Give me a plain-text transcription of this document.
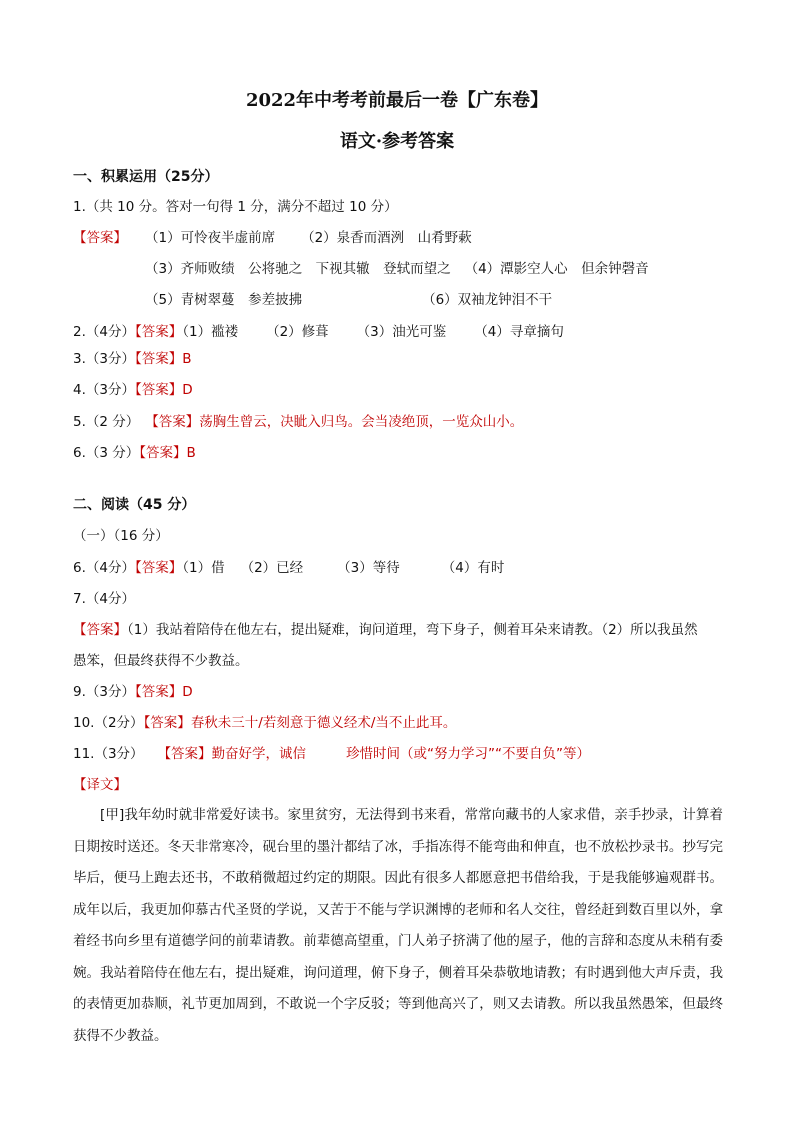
2022年中考考前最后一卷【广东卷】
语文·参考答案
一、积累运用（25分）
1.（共 10 分。答对一句得 1 分，满分不超过 10 分）
【答案】 （1）可怜夜半虚前席 （2）泉香而酒洌　山肴野蔌
（3）齐师败绩　公将驰之　下视其辙　登轼而望之 （4）潭影空人心　但余钟磬音
（5）青树翠蔓　参差披拂	（6）双袖龙钟泪不干
2.（4分）【答案】（1）褴褛 （2）修葺 （3）油光可鉴 （4）寻章摘句
3.（3分）【答案】B
4.（3分）【答案】D
5.（2 分） 【答案】荡胸生曾云，决眦入归鸟。会当凌绝顶，一览众山小。
6.（3 分）【答案】B
二、阅读（45 分）
（一）（16 分）
6.（4分）【答案】（1）借 （2）已经	（3）等待	（4）有时
7.（4分）
【答案】（1）我站着陪侍在他左右，提出疑难，询问道理，弯下身子，侧着耳朵来请教。（2）所以我虽然
愚笨，但最终获得不少教益。
9.（3分）【答案】D
10.（2分）【答案】春秋未三十/若刻意于德义经术/当不止此耳。
11.（3分） 【答案】勤奋好学，诚信	珍惜时间（或“努力学习”“不要自负”等）
【译文】
[甲]我年幼时就非常爱好读书。家里贫穷，无法得到书来看，常常向藏书的人家求借，亲手抄录，计算着日期按时送还。冬天非常寒冷，砚台里的墨汁都结了冰，手指冻得不能弯曲和伸直，也不放松抄录书。抄写完毕后，便马上跑去还书，不敢稍微超过约定的期限。因此有很多人都愿意把书借给我，于是我能够遍观群书。成年以后，我更加仰慕古代圣贤的学说，又苦于不能与学识渊博的老师和名人交往，曾经赶到数百里以外，拿着经书向乡里有道德学问的前辈请教。前辈德高望重，门人弟子挤满了他的屋子，他的言辞和态度从未稍有委婉。我站着陪侍在他左右，提出疑难，询问道理，俯下身子，侧着耳朵恭敬地请教；有时遇到他大声斥责，我的表情更加恭顺，礼节更加周到，不敢说一个字反驳；等到他高兴了，则又去请教。所以我虽然愚笨，但最终获得不少教益。
